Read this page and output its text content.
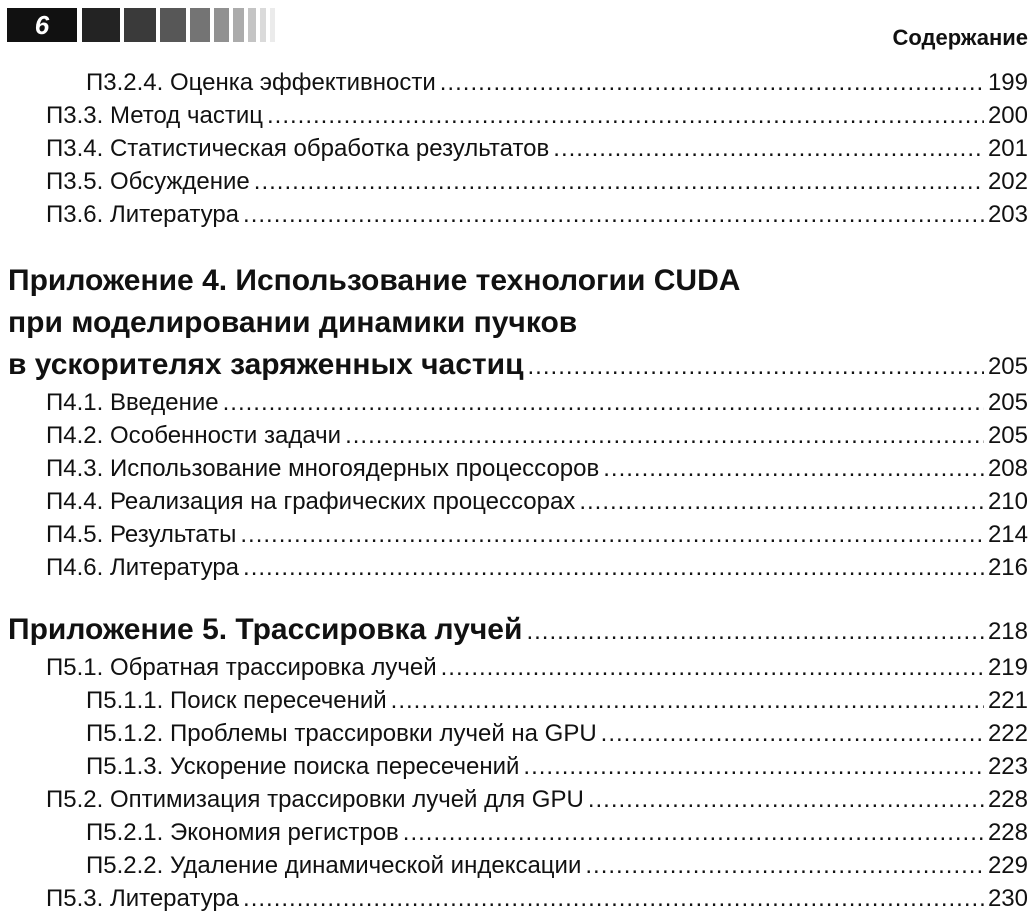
6	Содержание
П3.2.4. Оценка эффективности .....	199
П3.3. Метод частиц .....	200
П3.4. Статистическая обработка результатов .....	201
П3.5. Обсуждение .....	202
П3.6. Литература .....	203
Приложение 4. Использование технологии CUDA
при моделировании динамики пучков
в ускорителях заряженных частиц .....	205
П4.1. Введение .....	205
П4.2. Особенности задачи .....	205
П4.3. Использование многоядерных процессоров .....	208
П4.4. Реализация на графических процессорах .....	210
П4.5. Результаты .....	214
П4.6. Литература .....	216
Приложение 5. Трассировка лучей .....	218
П5.1. Обратная трассировка лучей .....	219
П5.1.1. Поиск пересечений .....	221
П5.1.2. Проблемы трассировки лучей на GPU .....	222
П5.1.3. Ускорение поиска пересечений .....	223
П5.2. Оптимизация трассировки лучей для GPU .....	228
П5.2.1. Экономия регистров .....	228
П5.2.2. Удаление динамической индексации .....	229
П5.3. Литература .....	230
